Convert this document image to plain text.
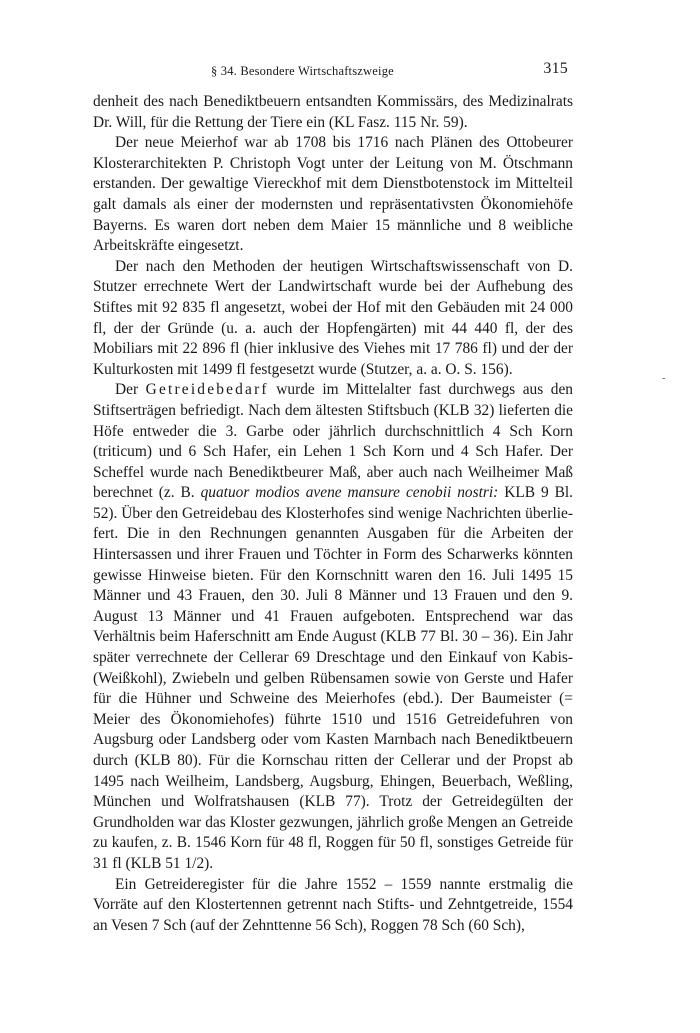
§ 34. Besondere Wirtschaftszweige	315

denheit des nach Benediktbeuern entsandten Kommissärs, des Medizinalrats Dr. Will, für die Rettung der Tiere ein (KL Fasz. 115 Nr. 59).

Der neue Meierhof war ab 1708 bis 1716 nach Plänen des Ottobeurer Klosterarchitekten P. Christoph Vogt unter der Leitung von M. Ötschmann erstanden. Der gewaltige Viereckhof mit dem Dienstbotenstock im Mittelteil galt damals als einer der modernsten und repräsentativsten Ökonomiehöfe Bayerns. Es waren dort neben dem Maier 15 männliche und 8 weibliche Arbeitskräfte eingesetzt.

Der nach den Methoden der heutigen Wirtschaftswissenschaft von D. Stutzer errechnete Wert der Landwirtschaft wurde bei der Aufhebung des Stiftes mit 92 835 fl angesetzt, wobei der Hof mit den Gebäuden mit 24 000 fl, der der Gründe (u. a. auch der Hopfengärten) mit 44 440 fl, der des Mobiliars mit 22 896 fl (hier inklusive des Viehes mit 17 786 fl) und der der Kulturkosten mit 1499 fl festgesetzt wurde (Stutzer, a. a. O. S. 156).

Der Getreidebedarf wurde im Mittelalter fast durchwegs aus den Stiftserträgen befriedigt. Nach dem ältesten Stiftsbuch (KLB 32) lieferten die Höfe entweder die 3. Garbe oder jährlich durchschnittlich 4 Sch Korn (triticum) und 6 Sch Hafer, ein Lehen 1 Sch Korn und 4 Sch Hafer. Der Scheffel wurde nach Benediktbeurer Maß, aber auch nach Weilheimer Maß berechnet (z. B. quatuor modios avene mansure cenobii nostri: KLB 9 Bl. 52). Über den Getreidebau des Klosterhofes sind wenige Nachrichten überliefert. Die in den Rechnungen genannten Ausgaben für die Arbeiten der Hintersassen und ihrer Frauen und Töchter in Form des Scharwerks könnten gewisse Hinweise bieten. Für den Kornschnitt waren den 16. Juli 1495 15 Männer und 43 Frauen, den 30. Juli 8 Männer und 13 Frauen und den 9. August 13 Männer und 41 Frauen aufgeboten. Entsprechend war das Verhältnis beim Haferschnitt am Ende August (KLB 77 Bl. 30 – 36). Ein Jahr später verrechnete der Cellerar 69 Dreschtage und den Einkauf von Kabis- (Weißkohl), Zwiebeln und gelben Rübensamen sowie von Gerste und Hafer für die Hühner und Schweine des Meierhofes (ebd.). Der Baumeister (= Meier des Ökonomiehofes) führte 1510 und 1516 Getreidefuhren von Augsburg oder Landsberg oder vom Kasten Marnbach nach Benediktbeuern durch (KLB 80). Für die Kornschau ritten der Cellerar und der Propst ab 1495 nach Weilheim, Landsberg, Augsburg, Ehingen, Beuerbach, Weßling, München und Wolfratshausen (KLB 77). Trotz der Getreidegülten der Grundholden war das Kloster gezwungen, jährlich große Mengen an Getreide zu kaufen, z. B. 1546 Korn für 48 fl, Roggen für 50 fl, sonstiges Getreide für 31 fl (KLB 51 1/2).

Ein Getreideregister für die Jahre 1552 – 1559 nannte erstmalig die Vorräte auf den Klostertennen getrennt nach Stifts- und Zehntgetreide, 1554 an Vesen 7 Sch (auf der Zehnttenne 56 Sch), Roggen 78 Sch (60 Sch),

-
